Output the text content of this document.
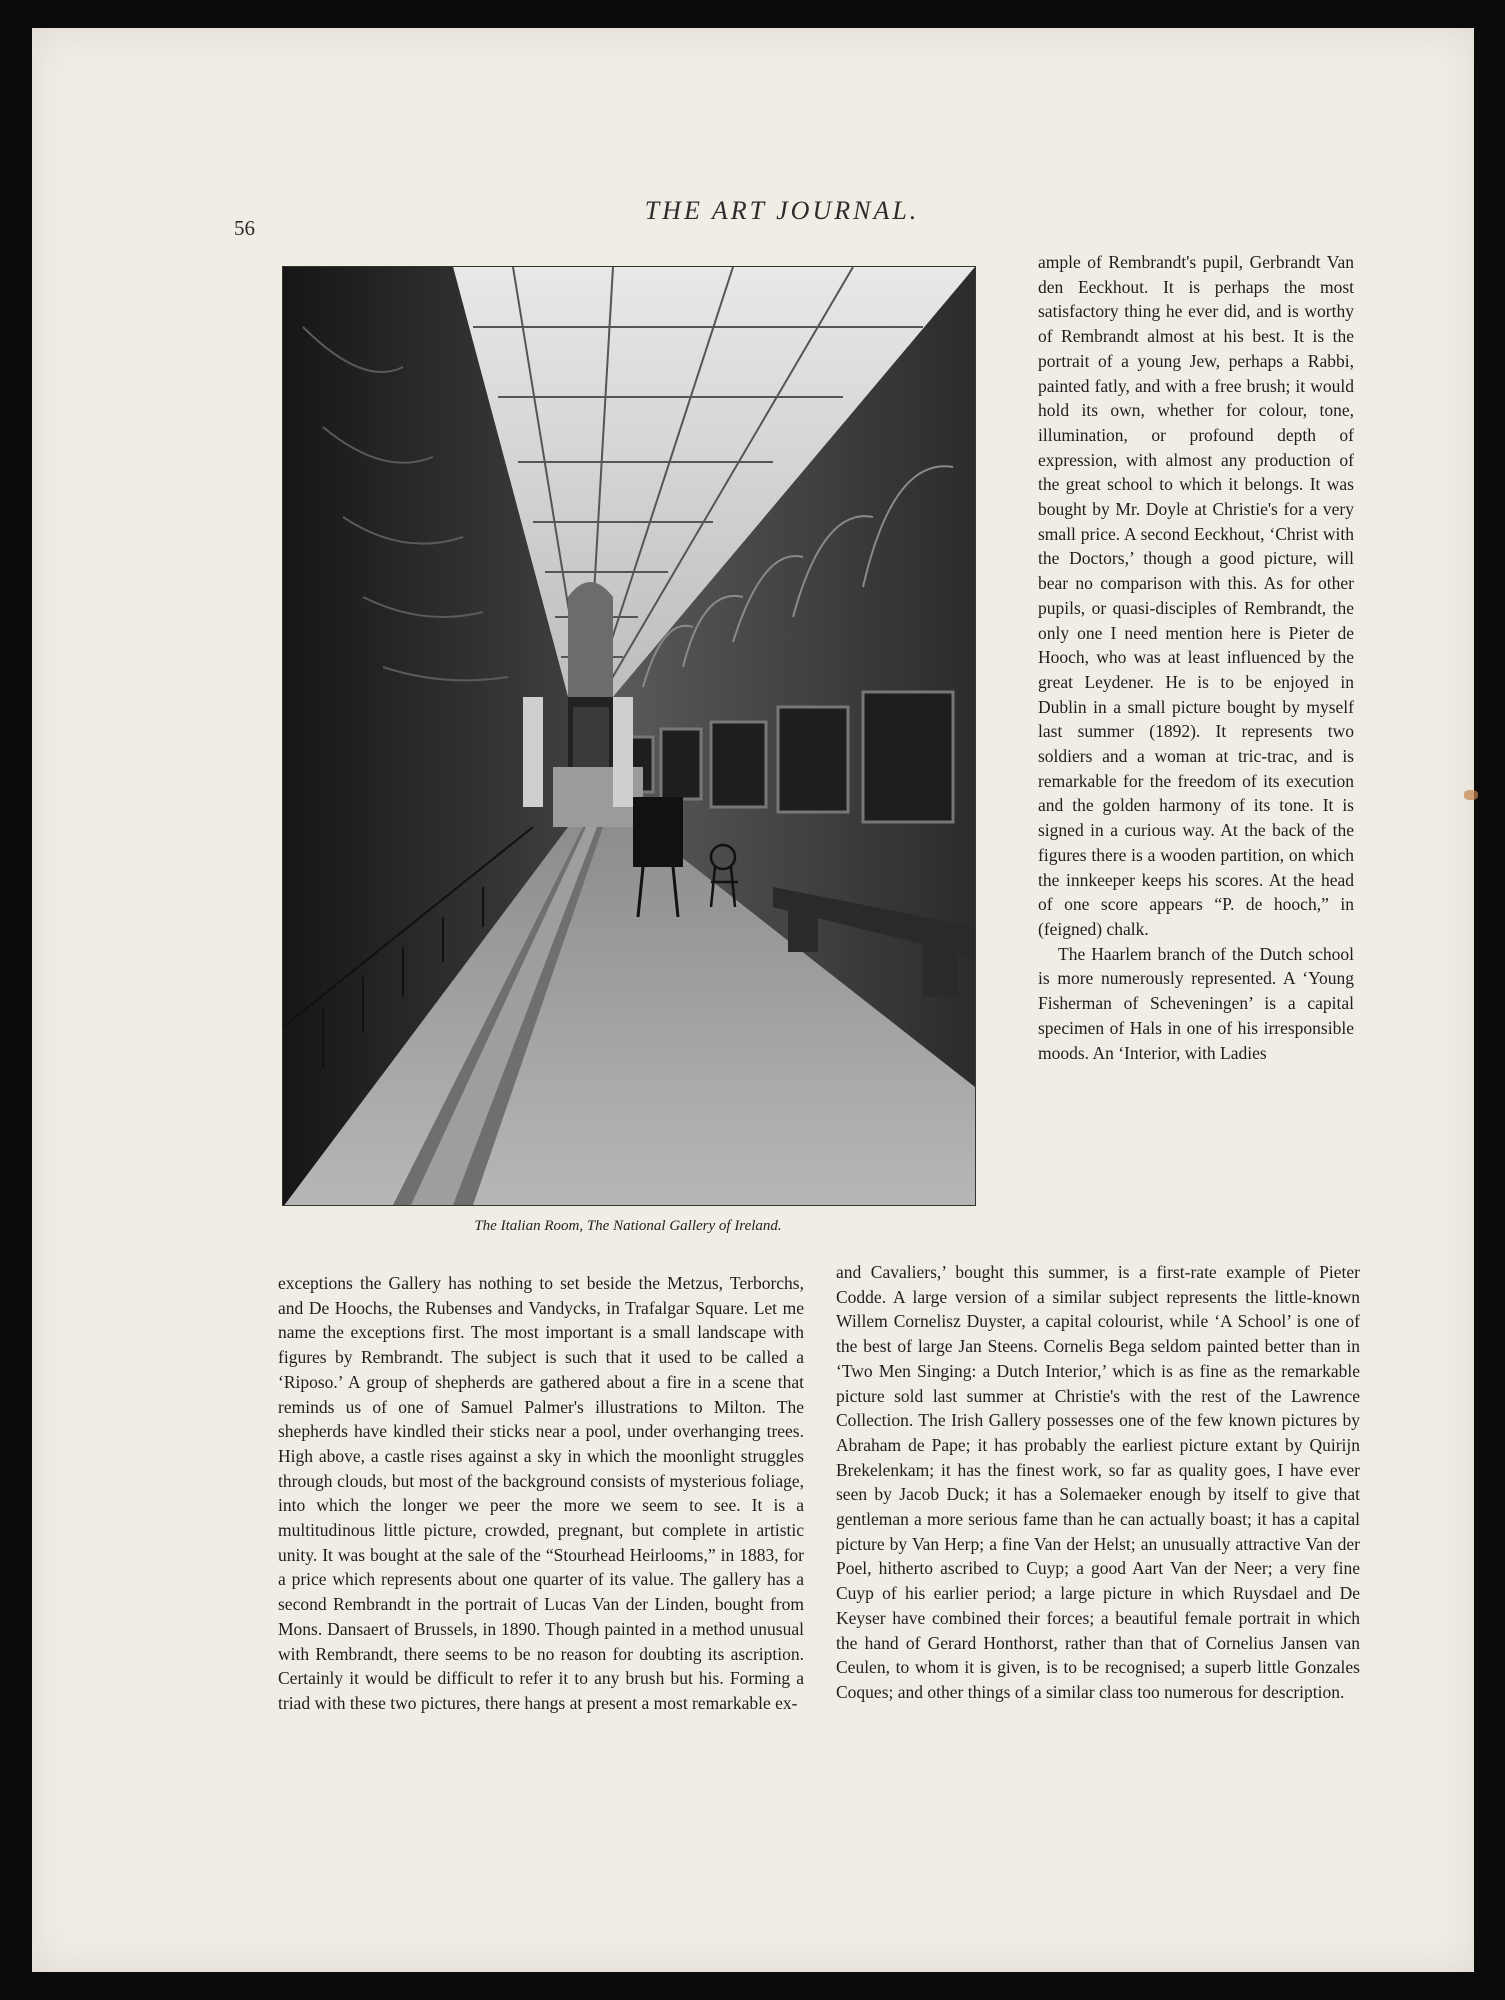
56
THE ART JOURNAL.
The Italian Room, The National Gallery of Ireland.

ample of Rembrandt's pupil, Gerbrandt Van den Eeckhout. It is perhaps the most satisfactory thing he ever did, and is worthy of Rembrandt almost at his best. It is the portrait of a young Jew, perhaps a Rabbi, painted fatly, and with a free brush; it would hold its own, whether for colour, tone, illumination, or profound depth of expression, with almost any production of the great school to which it belongs. It was bought by Mr. Doyle at Christie's for a very small price. A second Eeckhout, ‘Christ with the Doctors,’ though a good picture, will bear no comparison with this. As for other pupils, or quasi-disciples of Rembrandt, the only one I need mention here is Pieter de Hooch, who was at least influenced by the great Leydener. He is to be enjoyed in Dublin in a small picture bought by myself last summer (1892). It represents two soldiers and a woman at tric-trac, and is remarkable for the freedom of its execution and the golden harmony of its tone. It is signed in a curious way. At the back of the figures there is a wooden partition, on which the innkeeper keeps his scores. At the head of one score appears “P. de hooch,” in (feigned) chalk.

The Haarlem branch of the Dutch school is more numerously represented. A ‘Young Fisherman of Scheveningen’ is a capital specimen of Hals in one of his irresponsible moods. An ‘Interior, with Ladies

exceptions the Gallery has nothing to set beside the Metzus, Terborchs, and De Hoochs, the Rubenses and Vandycks, in Trafalgar Square. Let me name the exceptions first. The most important is a small landscape with figures by Rembrandt. The subject is such that it used to be called a ‘Riposo.’ A group of shepherds are gathered about a fire in a scene that reminds us of one of Samuel Palmer's illustrations to Milton. The shepherds have kindled their sticks near a pool, under overhanging trees. High above, a castle rises against a sky in which the moonlight struggles through clouds, but most of the background consists of mysterious foliage, into which the longer we peer the more we seem to see. It is a multitudinous little picture, crowded, pregnant, but complete in artistic unity. It was bought at the sale of the “Stourhead Heirlooms,” in 1883, for a price which represents about one quarter of its value. The gallery has a second Rembrandt in the portrait of Lucas Van der Linden, bought from Mons. Dansaert of Brussels, in 1890. Though painted in a method unusual with Rembrandt, there seems to be no reason for doubting its ascription. Certainly it would be difficult to refer it to any brush but his. Forming a triad with these two pictures, there hangs at present a most remarkable ex-

and Cavaliers,’ bought this summer, is a first-rate example of Pieter Codde. A large version of a similar subject represents the little-known Willem Cornelisz Duyster, a capital colourist, while ‘A School’ is one of the best of large Jan Steens. Cornelis Bega seldom painted better than in ‘Two Men Singing: a Dutch Interior,’ which is as fine as the remarkable picture sold last summer at Christie's with the rest of the Lawrence Collection. The Irish Gallery possesses one of the few known pictures by Abraham de Pape; it has probably the earliest picture extant by Quirijn Brekelenkam; it has the finest work, so far as quality goes, I have ever seen by Jacob Duck; it has a Solemaeker enough by itself to give that gentleman a more serious fame than he can actually boast; it has a capital picture by Van Herp; a fine Van der Helst; an unusually attractive Van der Poel, hitherto ascribed to Cuyp; a good Aart Van der Neer; a very fine Cuyp of his earlier period; a large picture in which Ruysdael and De Keyser have combined their forces; a beautiful female portrait in which the hand of Gerard Honthorst, rather than that of Cornelius Jansen van Ceulen, to whom it is given, is to be recognised; a superb little Gonzales Coques; and other things of a similar class too numerous for description.
